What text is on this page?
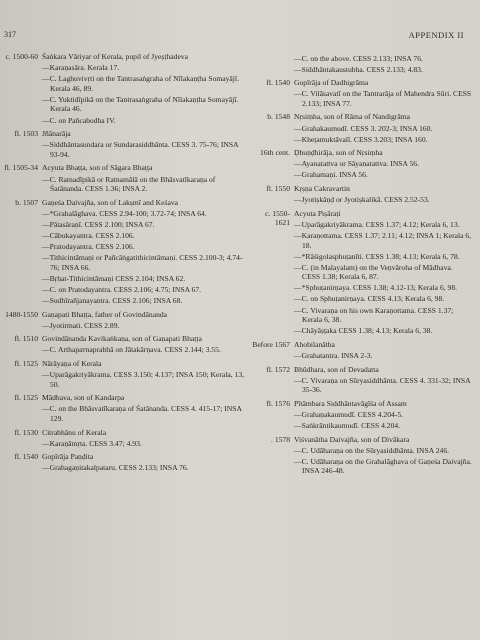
317	APPENDIX II
c. 1500-60 Śaṅkara Vāriyar of Kerala, pupil of Jyeṣṭhadeva
—Karaṇasāra. Kerala 17.
—C. Laghuvivṛti on the Tantrasaṅgraha of Nīlakaṇṭha Somayājī. Kerala 46, 89.
—C. Yuktidīpikā on the Tantrasaṅgraha of Nīlakaṇṭha Somayājī. Kerala 46.
—C. on Pañcabodha IV.
fl. 1503 Jñānarāja
—Siddhāntasundara or Sundarasiddhānta. CESS 3. 75-76; INSA 93-94.
fl. 1505-34 Acyuta Bhaṭṭa, son of Sāgara Bhaṭṭa
—C. Ratnadīpikā or Ratnamālā on the Bhāsvatīkaraṇa of Śatānanda. CESS 1.36; INSA 2.
b. 1507 Gaṇeśa Daivajña, son of Lakṣmī and Keśava
—*Grahalāghava. CESS 2.94-100; 3.72-74; INSA 64.
—Pātasāraṇī. CESS 2.100; INSA 67.
—Cābukayantra. CESS 2.106.
—Pratodayantra. CESS 2.106.
—Tithicintāmaṇi or Pañcāṅgatithicintāmaṇi. CESS 2.100-3; 4.74-76; INSA 66.
—Bṛhat-Tithicintāmaṇi CESS 2.104; INSA 62.
—C. on Pratodayantra. CESS 2.106; 4.75; INSA 67.
—Sudhīrañjanayantra. CESS 2.106; INSA 68.
1480-1550 Gaṇapati Bhaṭṭa, father of Govindānanda
—Jyotirmati. CESS 2.89.
fl. 1510 Govindānanda Kavikaṅkaṇa, son of Gaṇapati Bhaṭṭa
—C. Arthaратnaprabhā on Jātakārṇava. CESS 2.144; 3.55.
fl. 1525 Nārāyaṇa of Kerala
—Uparāgakriyākrama. CESS 3.150; 4.137; INSA 150; Kerala, 13, 50.
fl. 1525 Mādhava, son of Kandarpa
—C. on the Bhāsvatīkaraṇa of Śatānanda. CESS 4. 415-17; INSA 129.
fl. 1530 Citrabhānu of Kerala
—Karaṇāmṛta. CESS 3.47; 4.93.
fl. 1540 Gopīrāja Paṇḍita
—Grahagaṇitakalpataru. CESS 2.133; INSA 76.
—C. on the above. CESS 2.133; INSA 76.
—Siddhāntakaustubha. CESS 2.133; 4.83.
fl. 1540 Gopīrāja of Dadhigrāma
—C. Vilāsavatī on the Tantrarāja of Mahendra Sūri. CESS 2.133; INSA 77.
b. 1548 Nṛsiṃha, son of Rāma of Nandigrāma
—Grahakaumudī. CESS 3. 202-3; INSA 160.
—Kheṭamuktāvalī. CESS 3.203; INSA 160.
16th cent. Ḍhuṇḍhirāja, son of Nṛsiṃha
—Ayanatattva or Sāyanatattva. INSA 56.
—Grahamaṇi. INSA 56.
fl. 1550 Kṛṣṇa Cakravartin
—Jyotiṣkāṇḍ or Jyotiṣkalikā. CESS 2.52-53.
c. 1550-1621
Acyuta Piṣāraṭi
—Uparāgakriyākrama. CESS 1.37; 4.12; Kerala 6, 13.
—Karaṇottama. CESS 1.37; 2.11; 4.12; INSA 1; Kerala 6, 18.
—*Rāśigolasphuṭanīti. CESS 1.38; 4.13; Kerala 6, 78.
—C. (in Malayalam) on the Veṇvāroha of Mādhava. CESS 1.38; Kerala 6, 87.
—*Sphuṭanirṇaya. CESS 1.38; 4.12-13; Kerala 6, 98.
—C. on Sphuṭanirṇaya. CESS 4.13; Kerala 6, 98.
—C. Vivaraṇa on his own Karaṇottama. CESS 1.37; Kerala 6, 38.
—Chāyāṣṭaka CESS 1.38; 4.13; Kerala 6, 38.
Before 1567 Ahobilanātha
—Grahatantra. INSA 2-3.
fl. 1572 Bhūdhara, son of Devadatta
—C. Vivaraṇa on Sūryasiddhānta. CESS 4. 331-32; INSA 35-36.
fl. 1576 Pītāmbara Siddhāntavāgīśa of Assam
—Grahaṇakaumudī. CESS 4.204-5.
—Saṅkrāntikaumudī. CESS 4.204.
. 1578 Viśvanātha Daivajña, son of Divākara
—C. Udāharaṇa on the Sūryasiddhānta. INSA 246.
—C. Udāharaṇa on the Grahalāghava of Gaṇeśa Daivajña. INSA 246-48.
